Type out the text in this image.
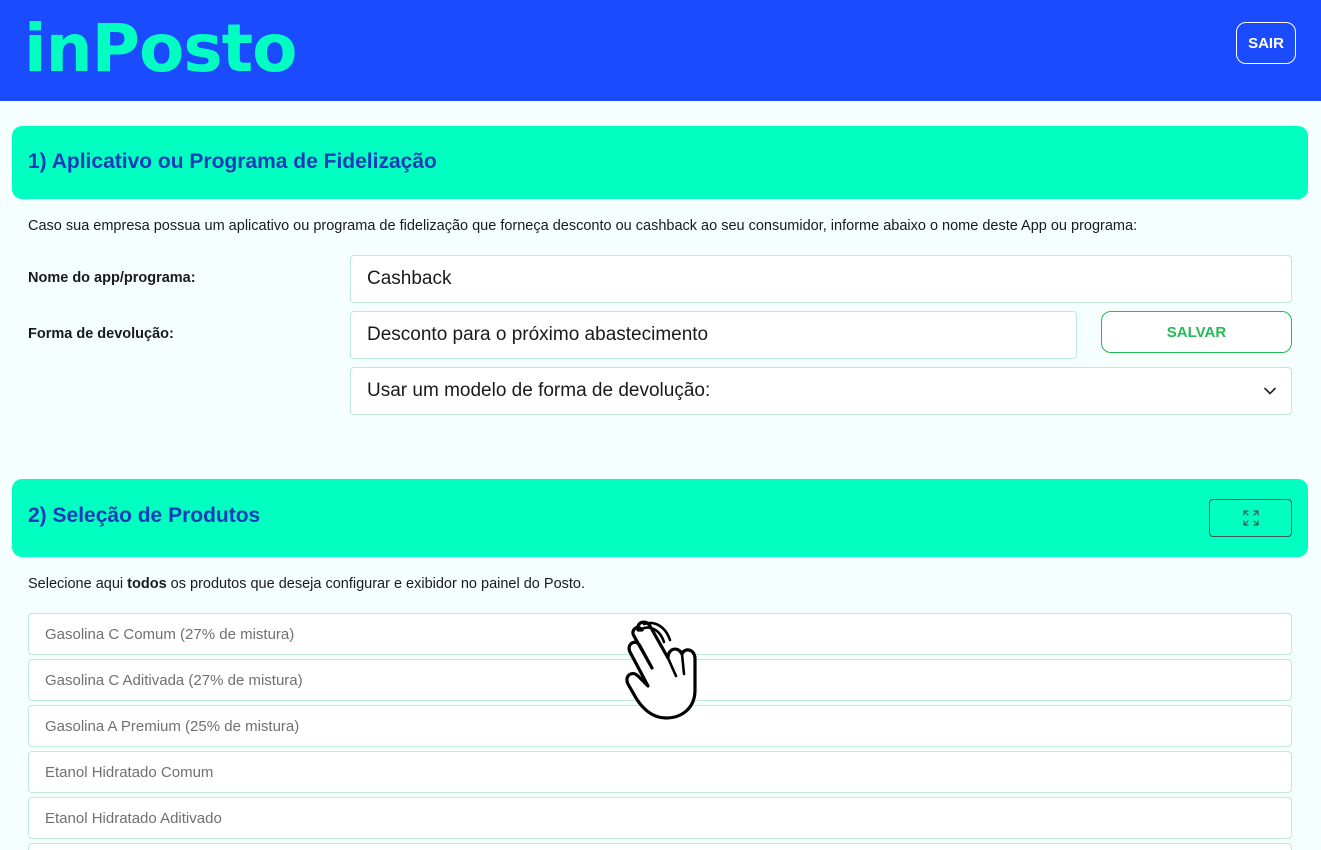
inPosto	SAIR
1) Aplicativo ou Programa de Fidelização
Caso sua empresa possua um aplicativo ou programa de fidelização que forneça desconto ou cashback ao seu consumidor, informe abaixo o nome deste App ou programa:
Nome do app/programa:	Cashback
Forma de devolução:	Desconto para o próximo abastecimento	SALVAR
Usar um modelo de forma de devolução:
2) Seleção de Produtos
Selecione aqui todos os produtos que deseja configurar e exibidor no painel do Posto.
Gasolina C Comum (27% de mistura)
Gasolina C Aditivada (27% de mistura)
Gasolina A Premium (25% de mistura)
Etanol Hidratado Comum
Etanol Hidratado Aditivado
